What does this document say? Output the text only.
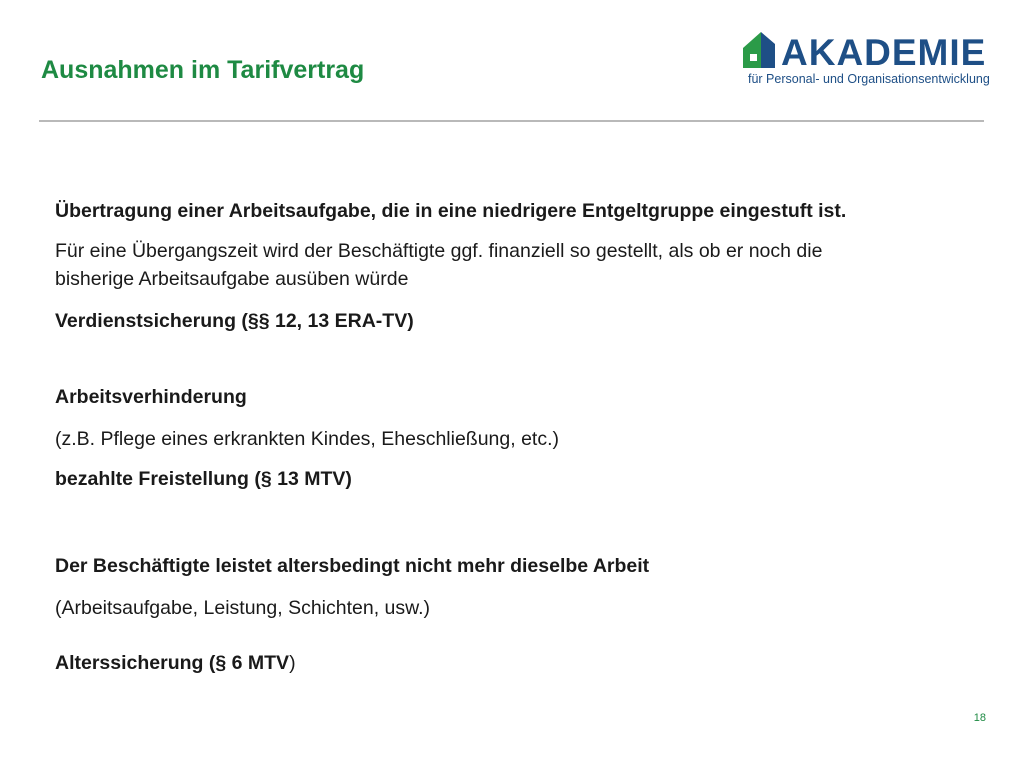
Ausnahmen im Tarifvertrag	AKADEMIE
für Personal- und Organisationsentwicklung
Übertragung einer Arbeitsaufgabe, die in eine niedrigere Entgeltgruppe eingestuft ist.
Für eine Übergangszeit wird der Beschäftigte ggf. finanziell so gestellt, als ob er noch die
bisherige Arbeitsaufgabe ausüben würde
Verdienstsicherung (§§ 12, 13 ERA-TV)
Arbeitsverhinderung
(z.B. Pflege eines erkrankten Kindes, Eheschließung, etc.)
bezahlte Freistellung (§ 13 MTV)
Der Beschäftigte leistet altersbedingt nicht mehr dieselbe Arbeit
(Arbeitsaufgabe, Leistung, Schichten, usw.)
Alterssicherung (§ 6 MTV)
18
